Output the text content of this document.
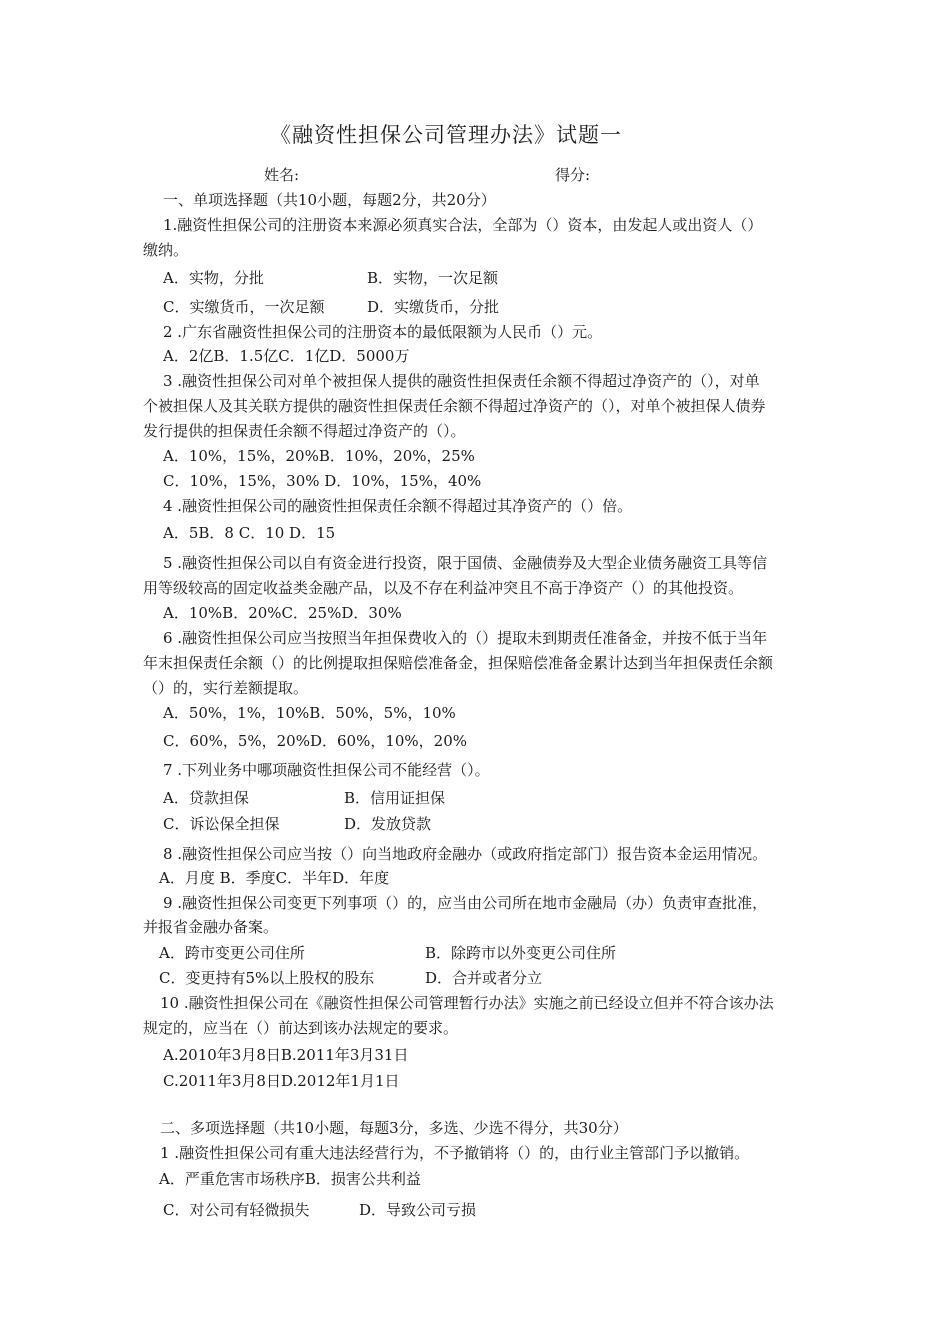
《融资性担保公司管理办法》试题一
姓名:	得分:
一、单项选择题（共10小题，每题2分，共20分）
1.融资性担保公司的注册资本来源必须真实合法，全部为（）资本，由发起人或出资人（）
缴纳。
A．实物，分批	B．实物，一次足额
C．实缴货币，一次足额	D．实缴货币，分批
2 .广东省融资性担保公司的注册资本的最低限额为人民币（）元。
A．2亿B．1.5亿C．1亿D．5000万
3 .融资性担保公司对单个被担保人提供的融资性担保责任余额不得超过净资产的（），对单
个被担保人及其关联方提供的融资性担保责任余额不得超过净资产的（），对单个被担保人债券
发行提供的担保责任余额不得超过净资产的（）。
A．10%，15%，20%B．10%，20%，25%
C．10%，15%，30% D．10%，15%，40%
4 .融资性担保公司的融资性担保责任余额不得超过其净资产的（）倍。
A．5B．8 C．10 D．15
5 .融资性担保公司以自有资金进行投资，限于国债、金融债券及大型企业债务融资工具等信
用等级较高的固定收益类金融产品，以及不存在利益冲突且不高于净资产（）的其他投资。
A．10%B．20%C．25%D．30%
6 .融资性担保公司应当按照当年担保费收入的（）提取未到期责任准备金，并按不低于当年
年末担保责任余额（）的比例提取担保赔偿准备金，担保赔偿准备金累计达到当年担保责任余额
（）的，实行差额提取。
A．50%，1%，10%B．50%，5%，10%
C．60%，5%，20%D．60%，10%，20%
7 .下列业务中哪项融资性担保公司不能经营（）。
A．贷款担保	B．信用证担保
C．诉讼保全担保	D．发放贷款
8 .融资性担保公司应当按（）向当地政府金融办（或政府指定部门）报告资本金运用情况。
A．月度 B．季度C．半年D．年度
9 .融资性担保公司变更下列事项（）的，应当由公司所在地市金融局（办）负责审查批准，
并报省金融办备案。
A．跨市变更公司住所	B．除跨市以外变更公司住所
C．变更持有5%以上股权的股东	D．合并或者分立
10 .融资性担保公司在《融资性担保公司管理暂行办法》实施之前已经设立但并不符合该办法
规定的，应当在（）前达到该办法规定的要求。
A.2010年3月8日B.2011年3月31日
C.2011年3月8日D.2012年1月1日
二、多项选择题（共10小题，每题3分，多选、少选不得分，共30分）
1 .融资性担保公司有重大违法经营行为，不予撤销将（）的，由行业主管部门予以撤销。
A．严重危害市场秩序B．损害公共利益
C．对公司有轻微损失	D．导致公司亏损
